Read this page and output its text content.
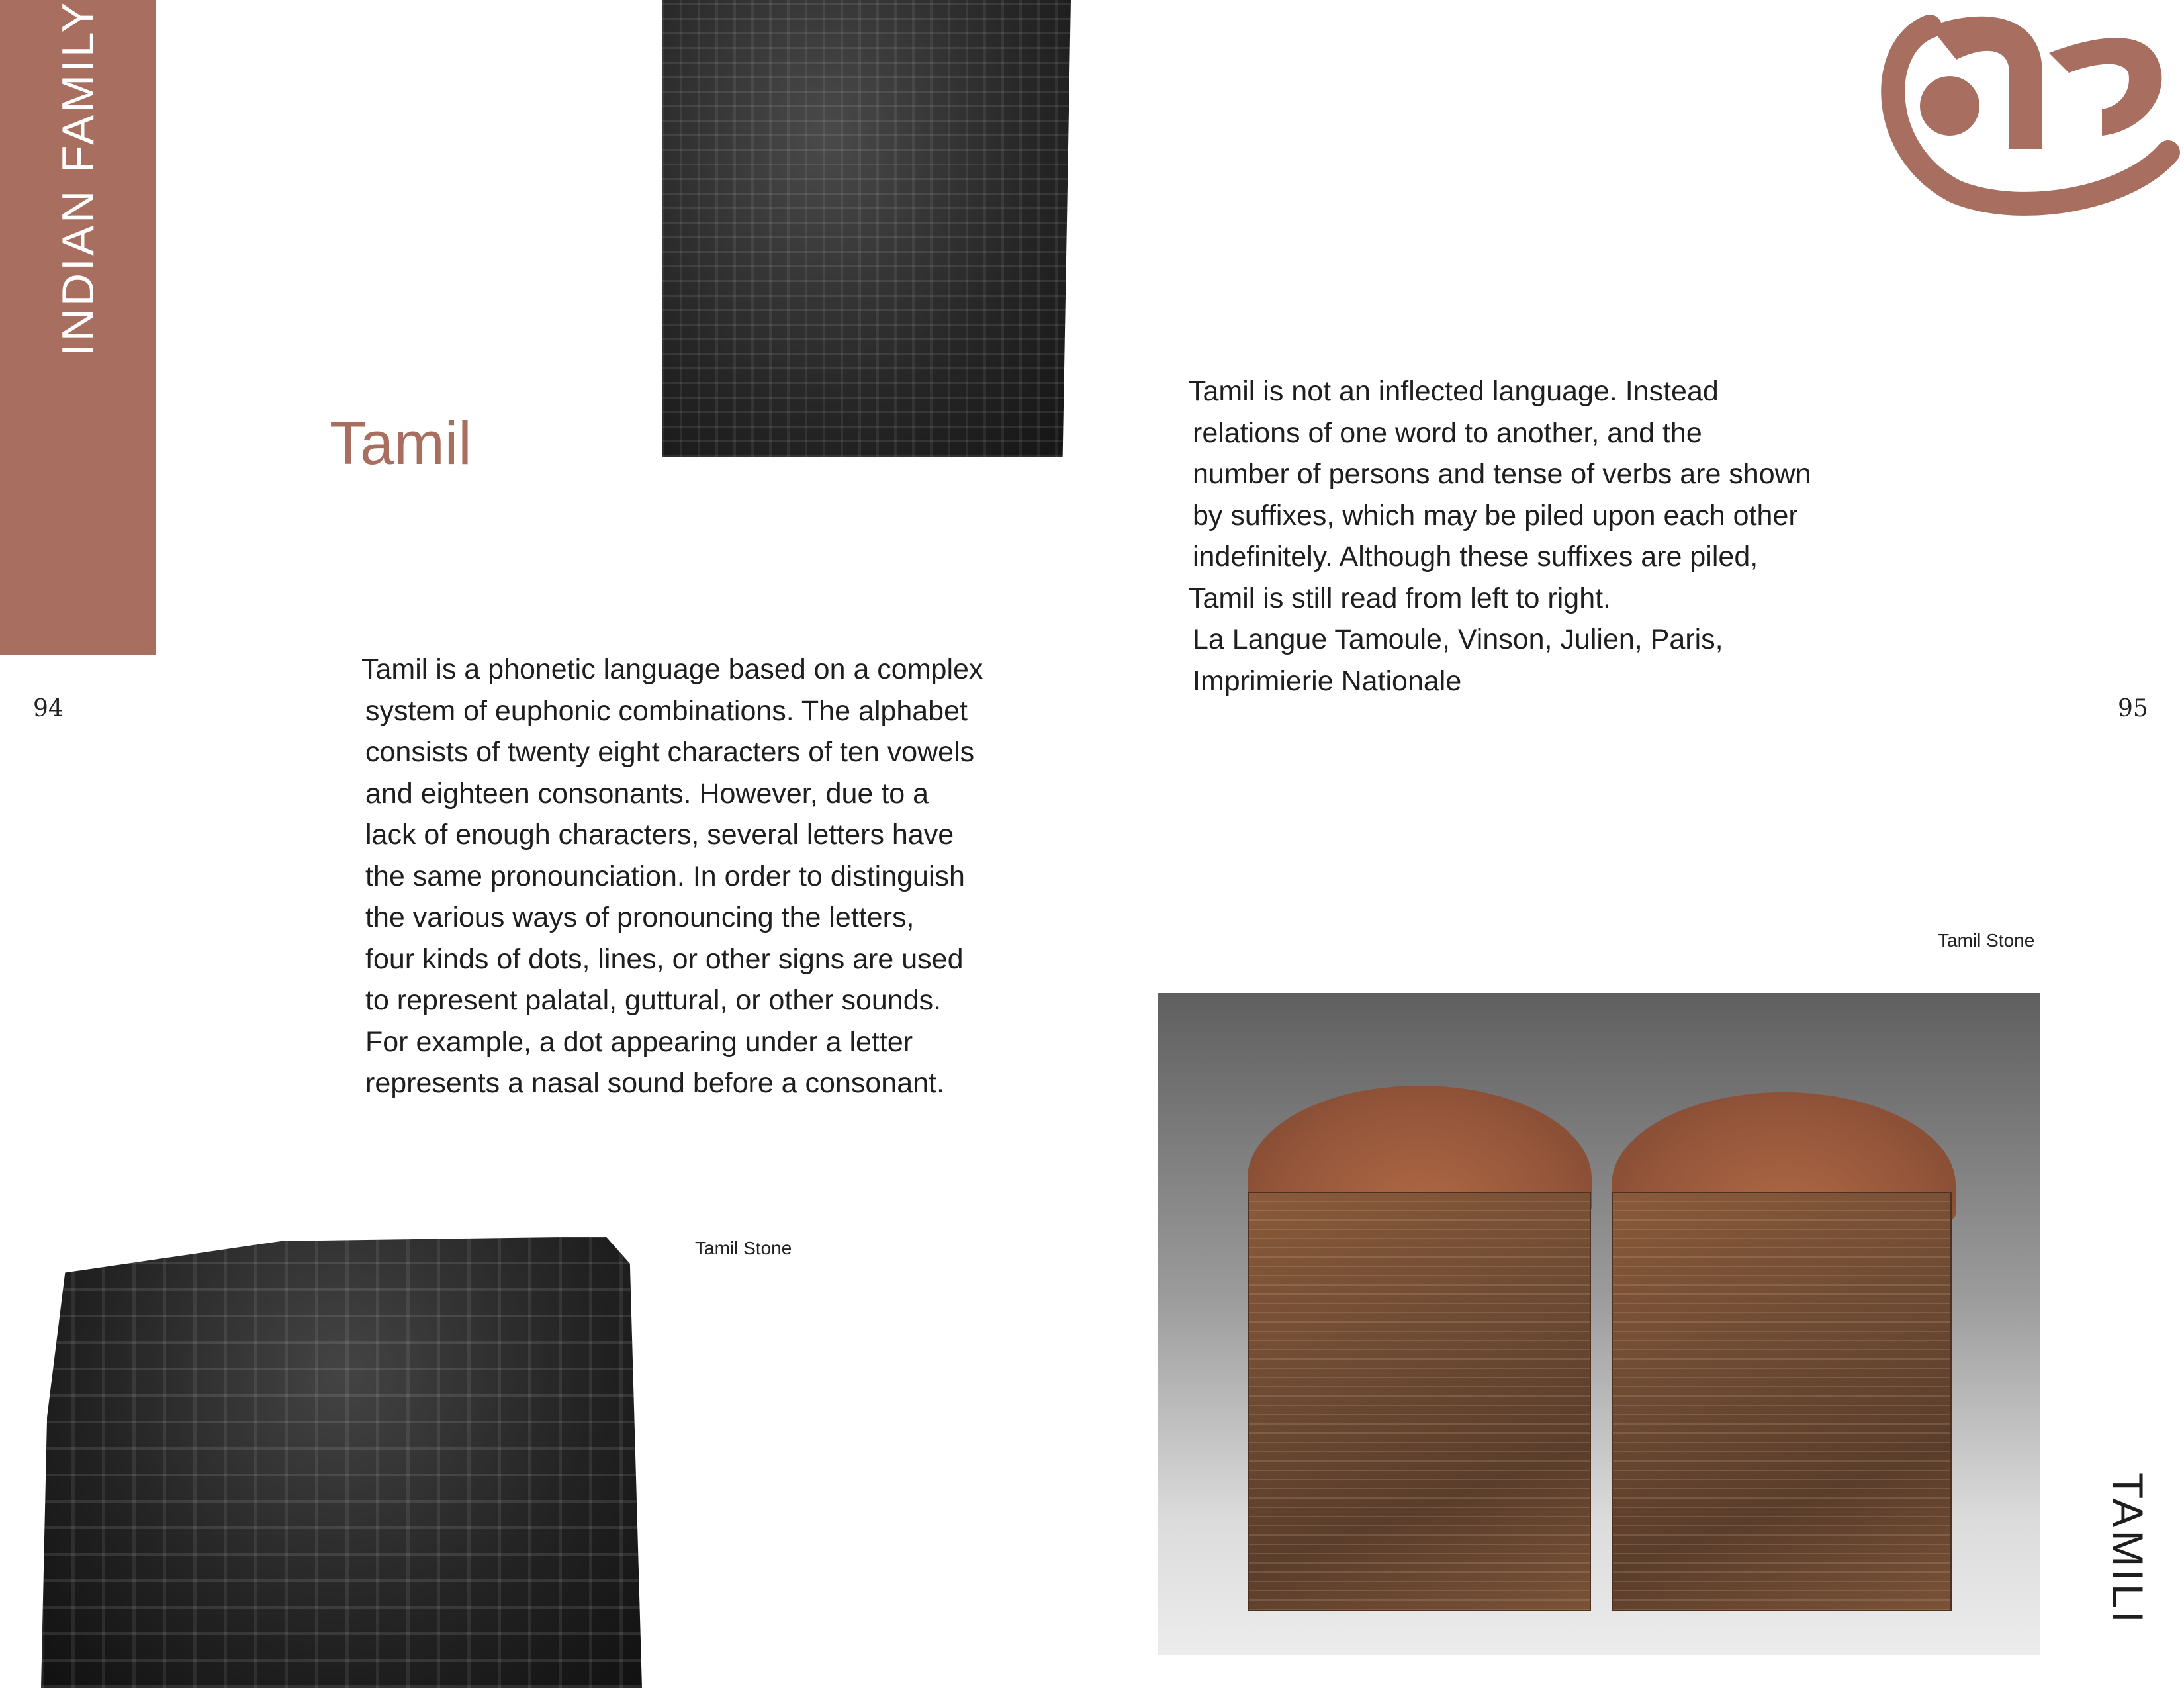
INDIAN FAMILY
94	95
Tamil

Tamil is a phonetic language based on a complex

system of euphonic combinations. The alphabet

consists of twenty eight characters of ten vowels

and eighteen consonants. However, due to a

lack of enough characters, several letters have

the same pronounciation. In order to distinguish

the various ways of pronouncing the letters,

four kinds of dots, lines, or other signs are used

to represent palatal, guttural, or other sounds.

For example, a dot appearing under a letter

represents a nasal sound before a consonant.

Tamil is not an inflected language. Instead

relations of one word to another, and the

number of persons and tense of verbs are shown

by suffixes, which may be piled upon each other

indefinitely. Although these suffixes are piled,

Tamil is still read from left to right.

La Langue Tamoule, Vinson, Julien, Paris,

Imprimierie Nationale

Tamil Stone
Tamil Stone
TAMILI
